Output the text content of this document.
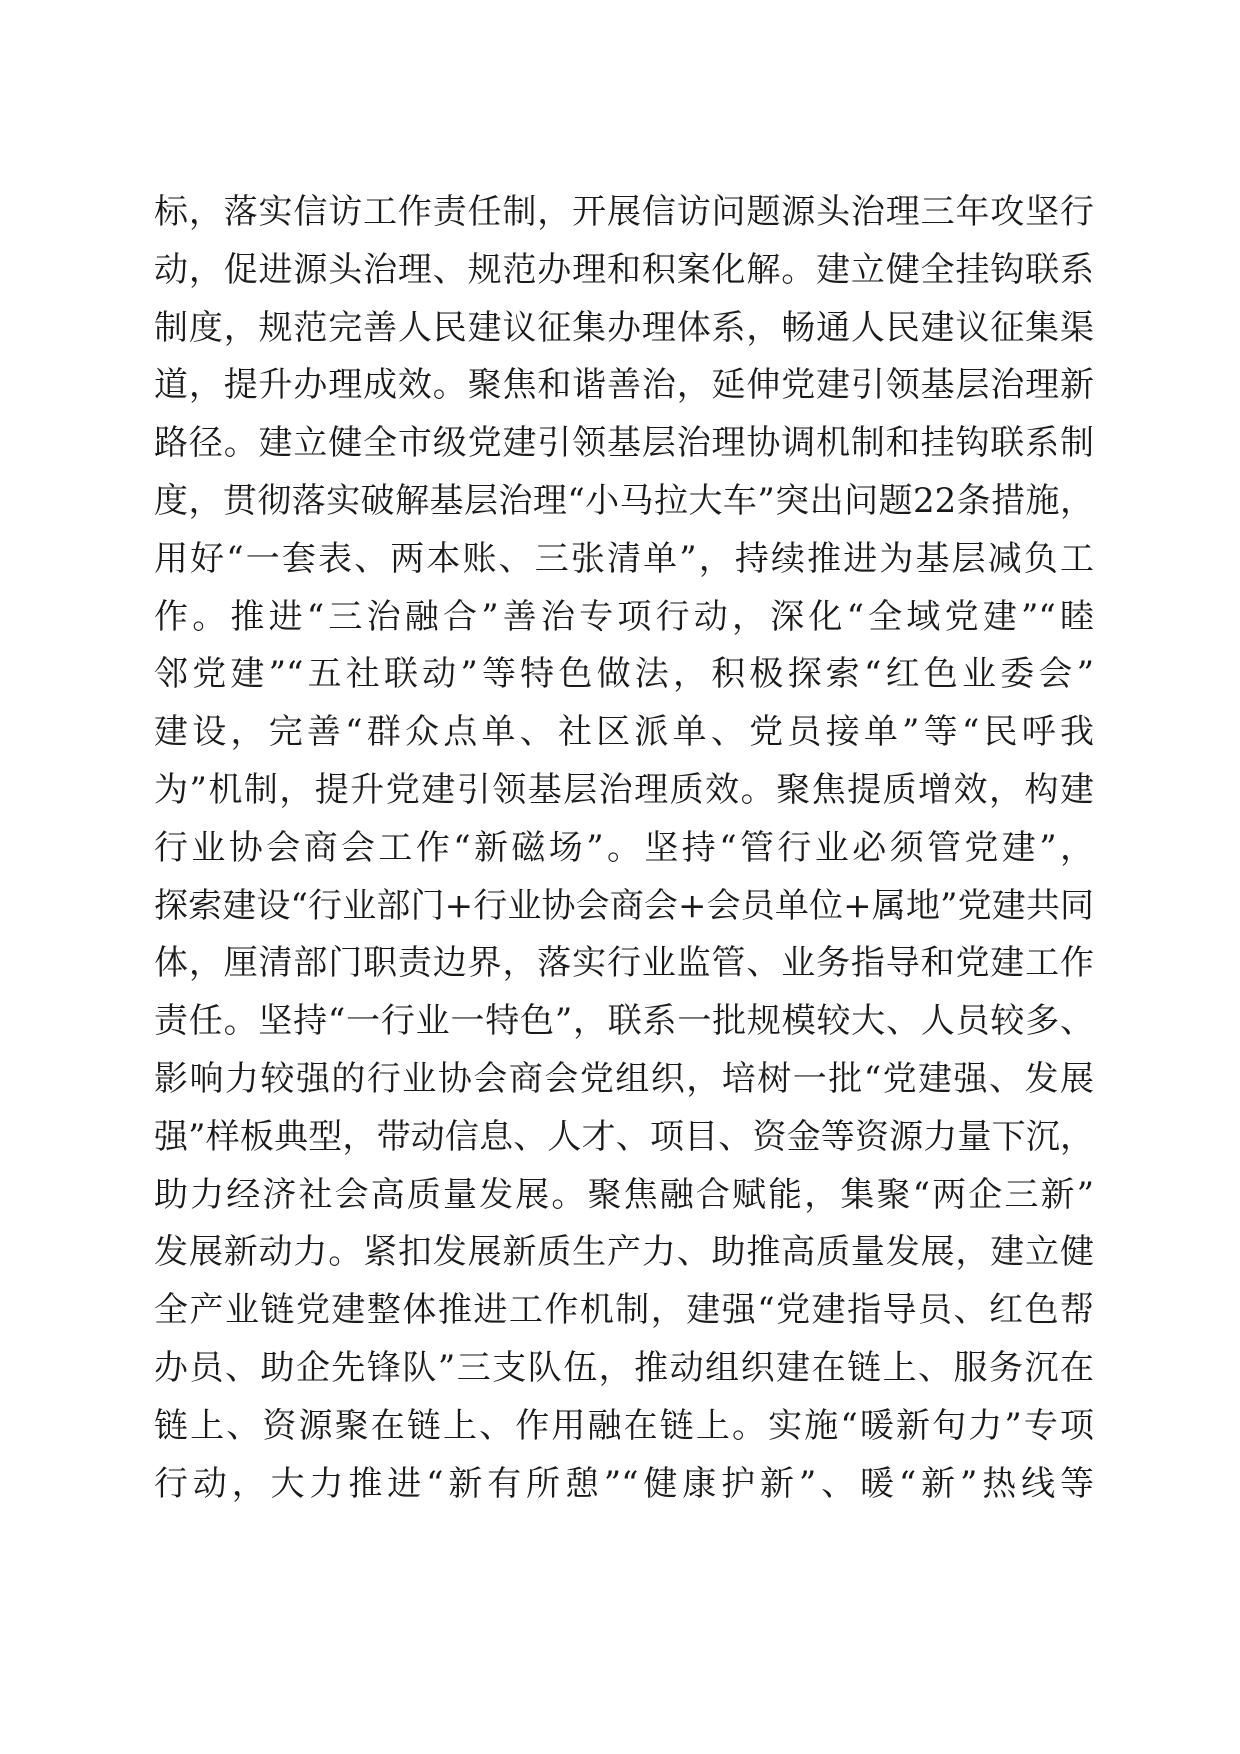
标，落实信访工作责任制，开展信访问题源头治理三年攻坚行
动，促进源头治理、规范办理和积案化解。建立健全挂钩联系
制度，规范完善人民建议征集办理体系，畅通人民建议征集渠
道，提升办理成效。聚焦和谐善治，延伸党建引领基层治理新
路径。建立健全市级党建引领基层治理协调机制和挂钩联系制
度，贯彻落实破解基层治理“小马拉大车”突出问题22条措施，
用好“一套表、两本账、三张清单”，持续推进为基层减负工
作。推进“三治融合”善治专项行动，深化“全域党建”“睦
邻党建”“五社联动”等特色做法，积极探索“红色业委会”
建设，完善“群众点单、社区派单、党员接单”等“民呼我
为”机制，提升党建引领基层治理质效。聚焦提质增效，构建
行业协会商会工作“新磁场”。坚持“管行业必须管党建”，
探索建设“行业部门+行业协会商会+会员单位+属地”党建共同
体，厘清部门职责边界，落实行业监管、业务指导和党建工作
责任。坚持“一行业一特色”，联系一批规模较大、人员较多、
影响力较强的行业协会商会党组织，培树一批“党建强、发展
强”样板典型，带动信息、人才、项目、资金等资源力量下沉，
助力经济社会高质量发展。聚焦融合赋能，集聚“两企三新”
发展新动力。紧扣发展新质生产力、助推高质量发展，建立健
全产业链党建整体推进工作机制，建强“党建指导员、红色帮
办员、助企先锋队”三支队伍，推动组织建在链上、服务沉在
链上、资源聚在链上、作用融在链上。实施“暖新句力”专项
行动，大力推进“新有所憩”“健康护新”、暖“新”热线等
